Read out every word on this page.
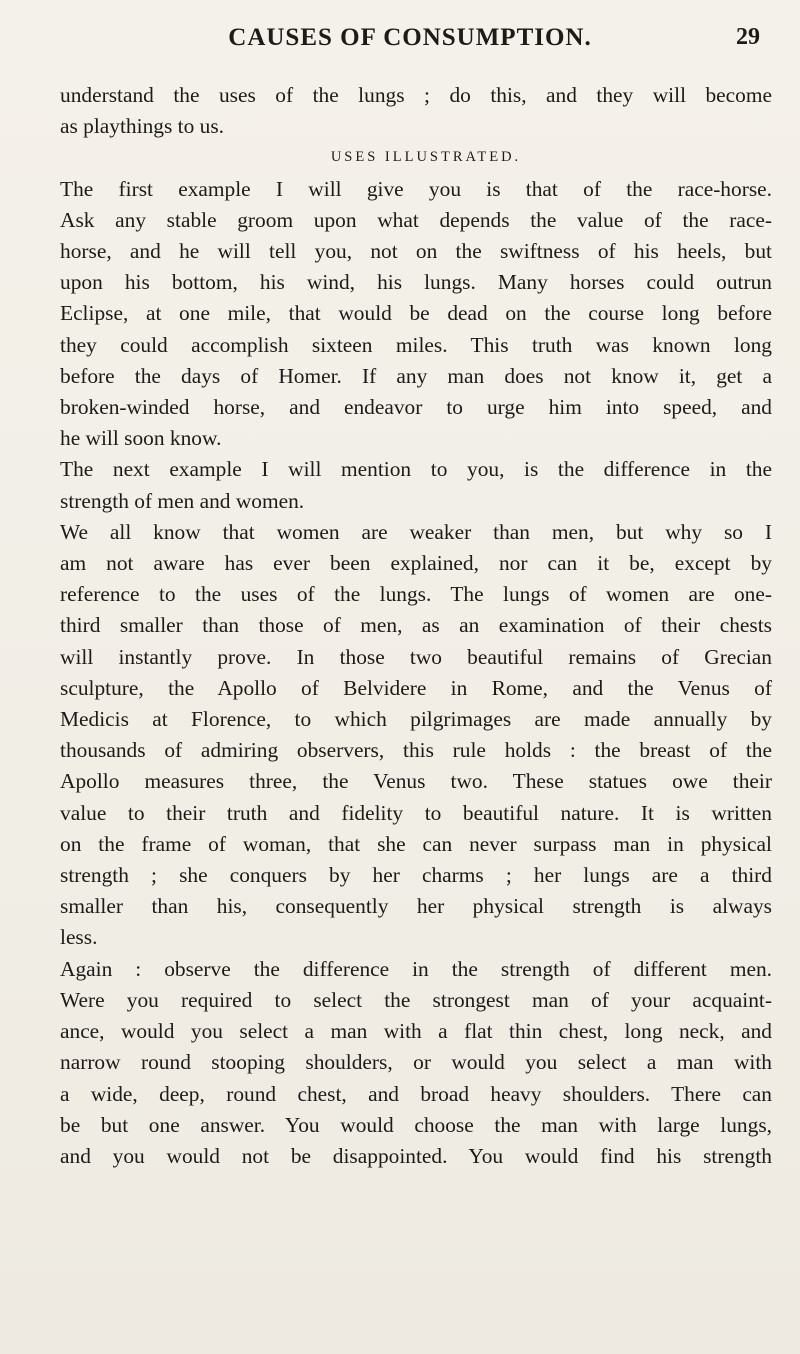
CAUSES OF CONSUMPTION.	29

understand the uses of the lungs ; do this, and they will become
as playthings to us.

USES ILLUSTRATED.

The first example I will give you is that of the race-horse.
Ask any stable groom upon what depends the value of the race-
horse, and he will tell you, not on the swiftness of his heels, but
upon his bottom, his wind, his lungs. Many horses could outrun
Eclipse, at one mile, that would be dead on the course long before
they could accomplish sixteen miles. This truth was known long
before the days of Homer. If any man does not know it, get a
broken-winded horse, and endeavor to urge him into speed, and
he will soon know.

The next example I will mention to you, is the difference in the
strength of men and women.

We all know that women are weaker than men, but why so I
am not aware has ever been explained, nor can it be, except by
reference to the uses of the lungs. The lungs of women are one-
third smaller than those of men, as an examination of their chests
will instantly prove. In those two beautiful remains of Grecian
sculpture, the Apollo of Belvidere in Rome, and the Venus of
Medicis at Florence, to which pilgrimages are made annually by
thousands of admiring observers, this rule holds : the breast of the
Apollo measures three, the Venus two. These statues owe their
value to their truth and fidelity to beautiful nature. It is written
on the frame of woman, that she can never surpass man in physical
strength ; she conquers by her charms ; her lungs are a third
smaller than his, consequently her physical strength is always
less.

Again : observe the difference in the strength of different men.
Were you required to select the strongest man of your acquaint-
ance, would you select a man with a flat thin chest, long neck, and
narrow round stooping shoulders, or would you select a man with
a wide, deep, round chest, and broad heavy shoulders. There can
be but one answer. You would choose the man with large lungs,
and you would not be disappointed. You would find his strength
